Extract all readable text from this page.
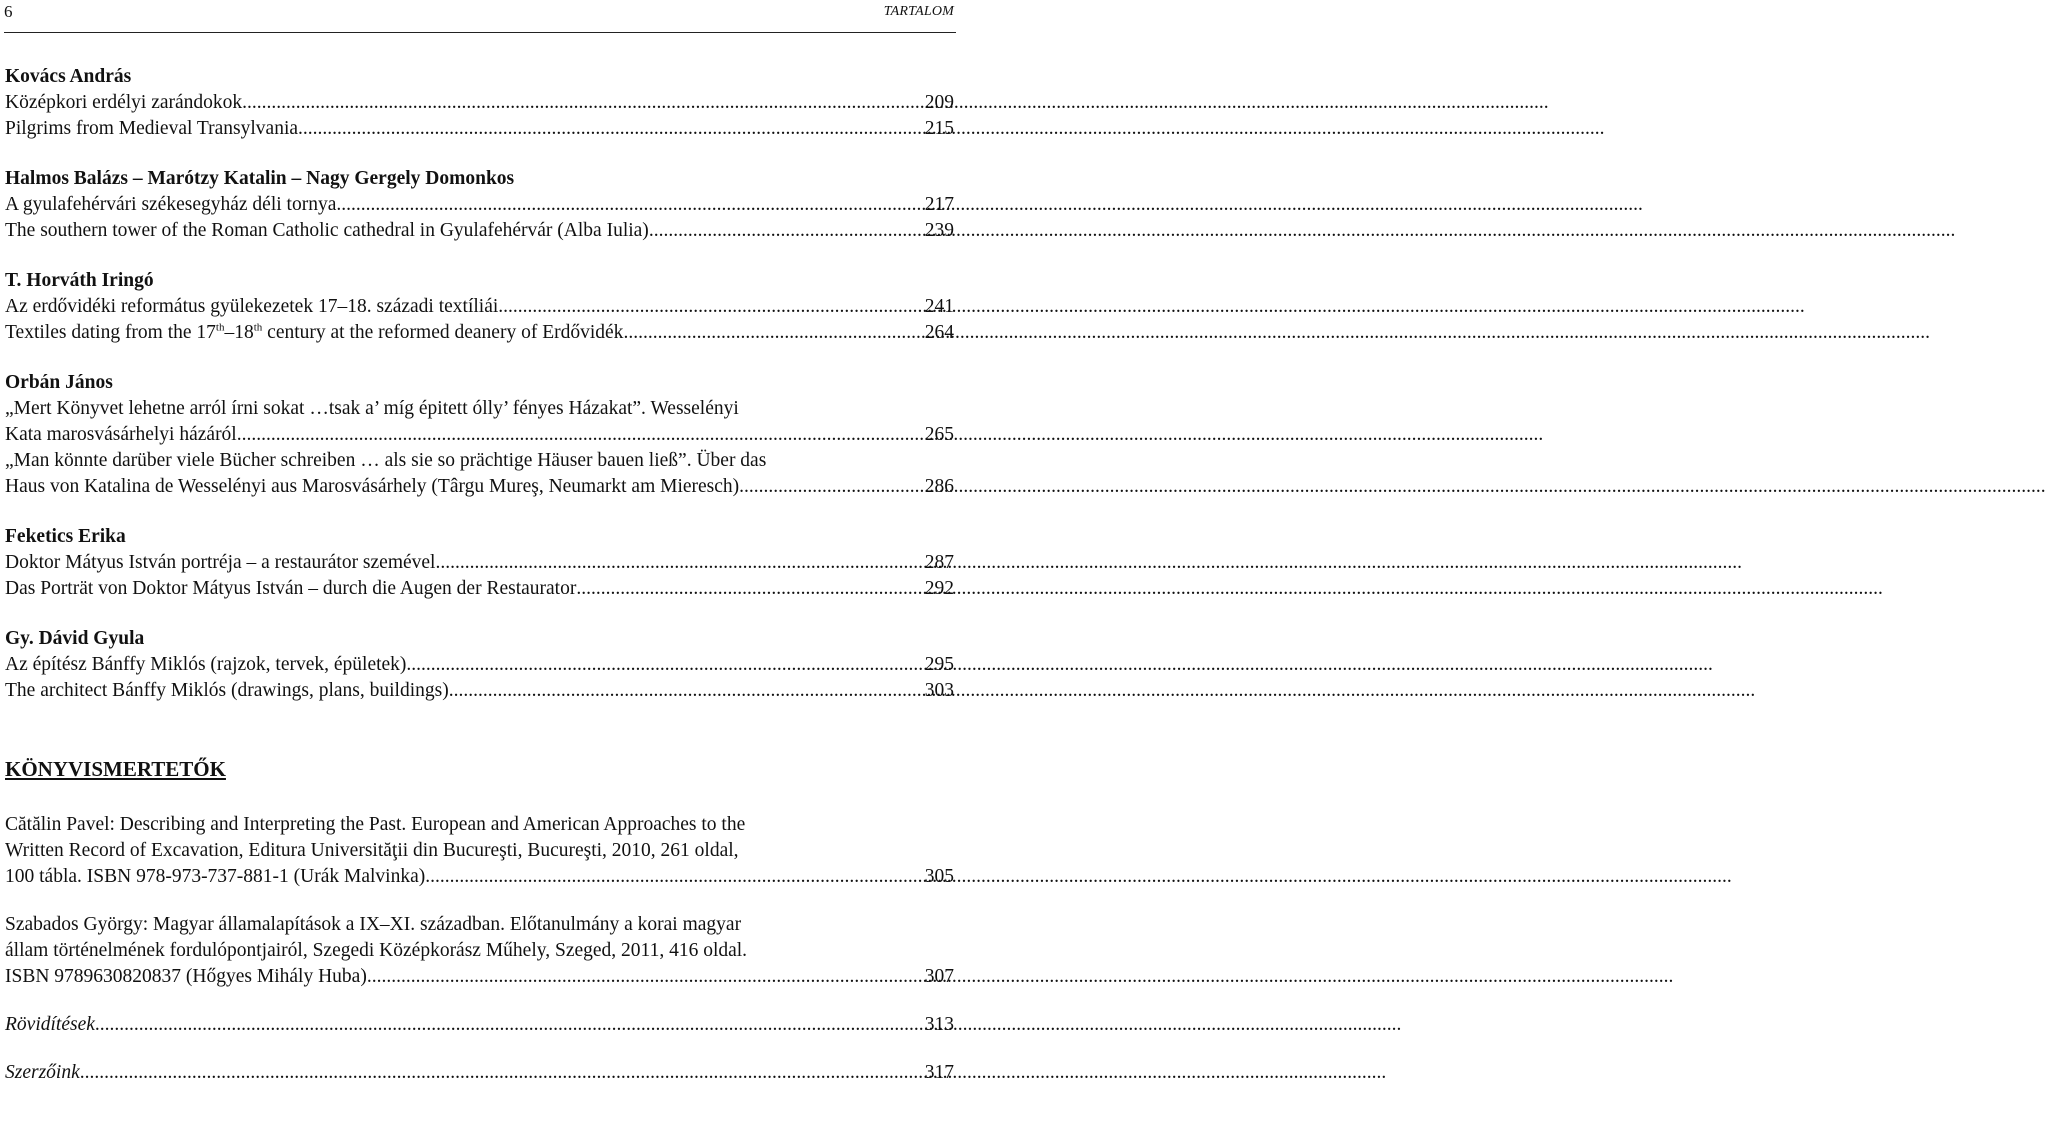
6	TARTALOM
Kovács András
Középkori erdélyi zarándokok .....	209
Pilgrims from Medieval Transylvania .....	215
Halmos Balázs – Marótzy Katalin – Nagy Gergely Domonkos
A gyulafehérvári székesegyház déli tornya .....	217
The southern tower of the Roman Catholic cathedral in Gyulafehérvár (Alba Iulia) .....	239
T. Horváth Iringó
Az erdővidéki református gyülekezetek 17–18. századi textíliái .....	241
Textiles dating from the 17th–18th century at the reformed deanery of Erdővidék .....	264
Orbán János
„Mert Könyvet lehetne arról írni sokat …tsak a’ míg épitett ólly’ fényes Házakat”. Wesselényi
Kata marosvásárhelyi házáról .....	265
„Man könnte darüber viele Bücher schreiben … als sie so prächtige Häuser bauen ließ”. Über das
Haus von Katalina de Wesselényi aus Marosvásárhely (Târgu Mureş, Neumarkt am Mieresch) .....	286
Feketics Erika
Doktor Mátyus István portréja – a restaurátor szemével .....	287
Das Porträt von Doktor Mátyus István – durch die Augen der Restaurator .....	292
Gy. Dávid Gyula
Az építész Bánffy Miklós (rajzok, tervek, épületek) .....	295
The architect Bánffy Miklós (drawings, plans, buildings) .....	303
KÖNYVISMERTETŐK
Cătălin Pavel: Describing and Interpreting the Past. European and American Approaches to the
Written Record of Excavation, Editura Universităţii din Bucureşti, Bucureşti, 2010, 261 oldal,
100 tábla. ISBN 978-973-737-881-1 (Urák Malvinka) .....	305
Szabados György: Magyar államalapítások a IX–XI. században. Előtanulmány a korai magyar
állam történelmének fordulópontjairól, Szegedi Középkorász Műhely, Szeged, 2011, 416 oldal.
ISBN 9789630820837 (Hőgyes Mihály Huba) .....	307
Rövidítések .....	313
Szerzőink .....	317
